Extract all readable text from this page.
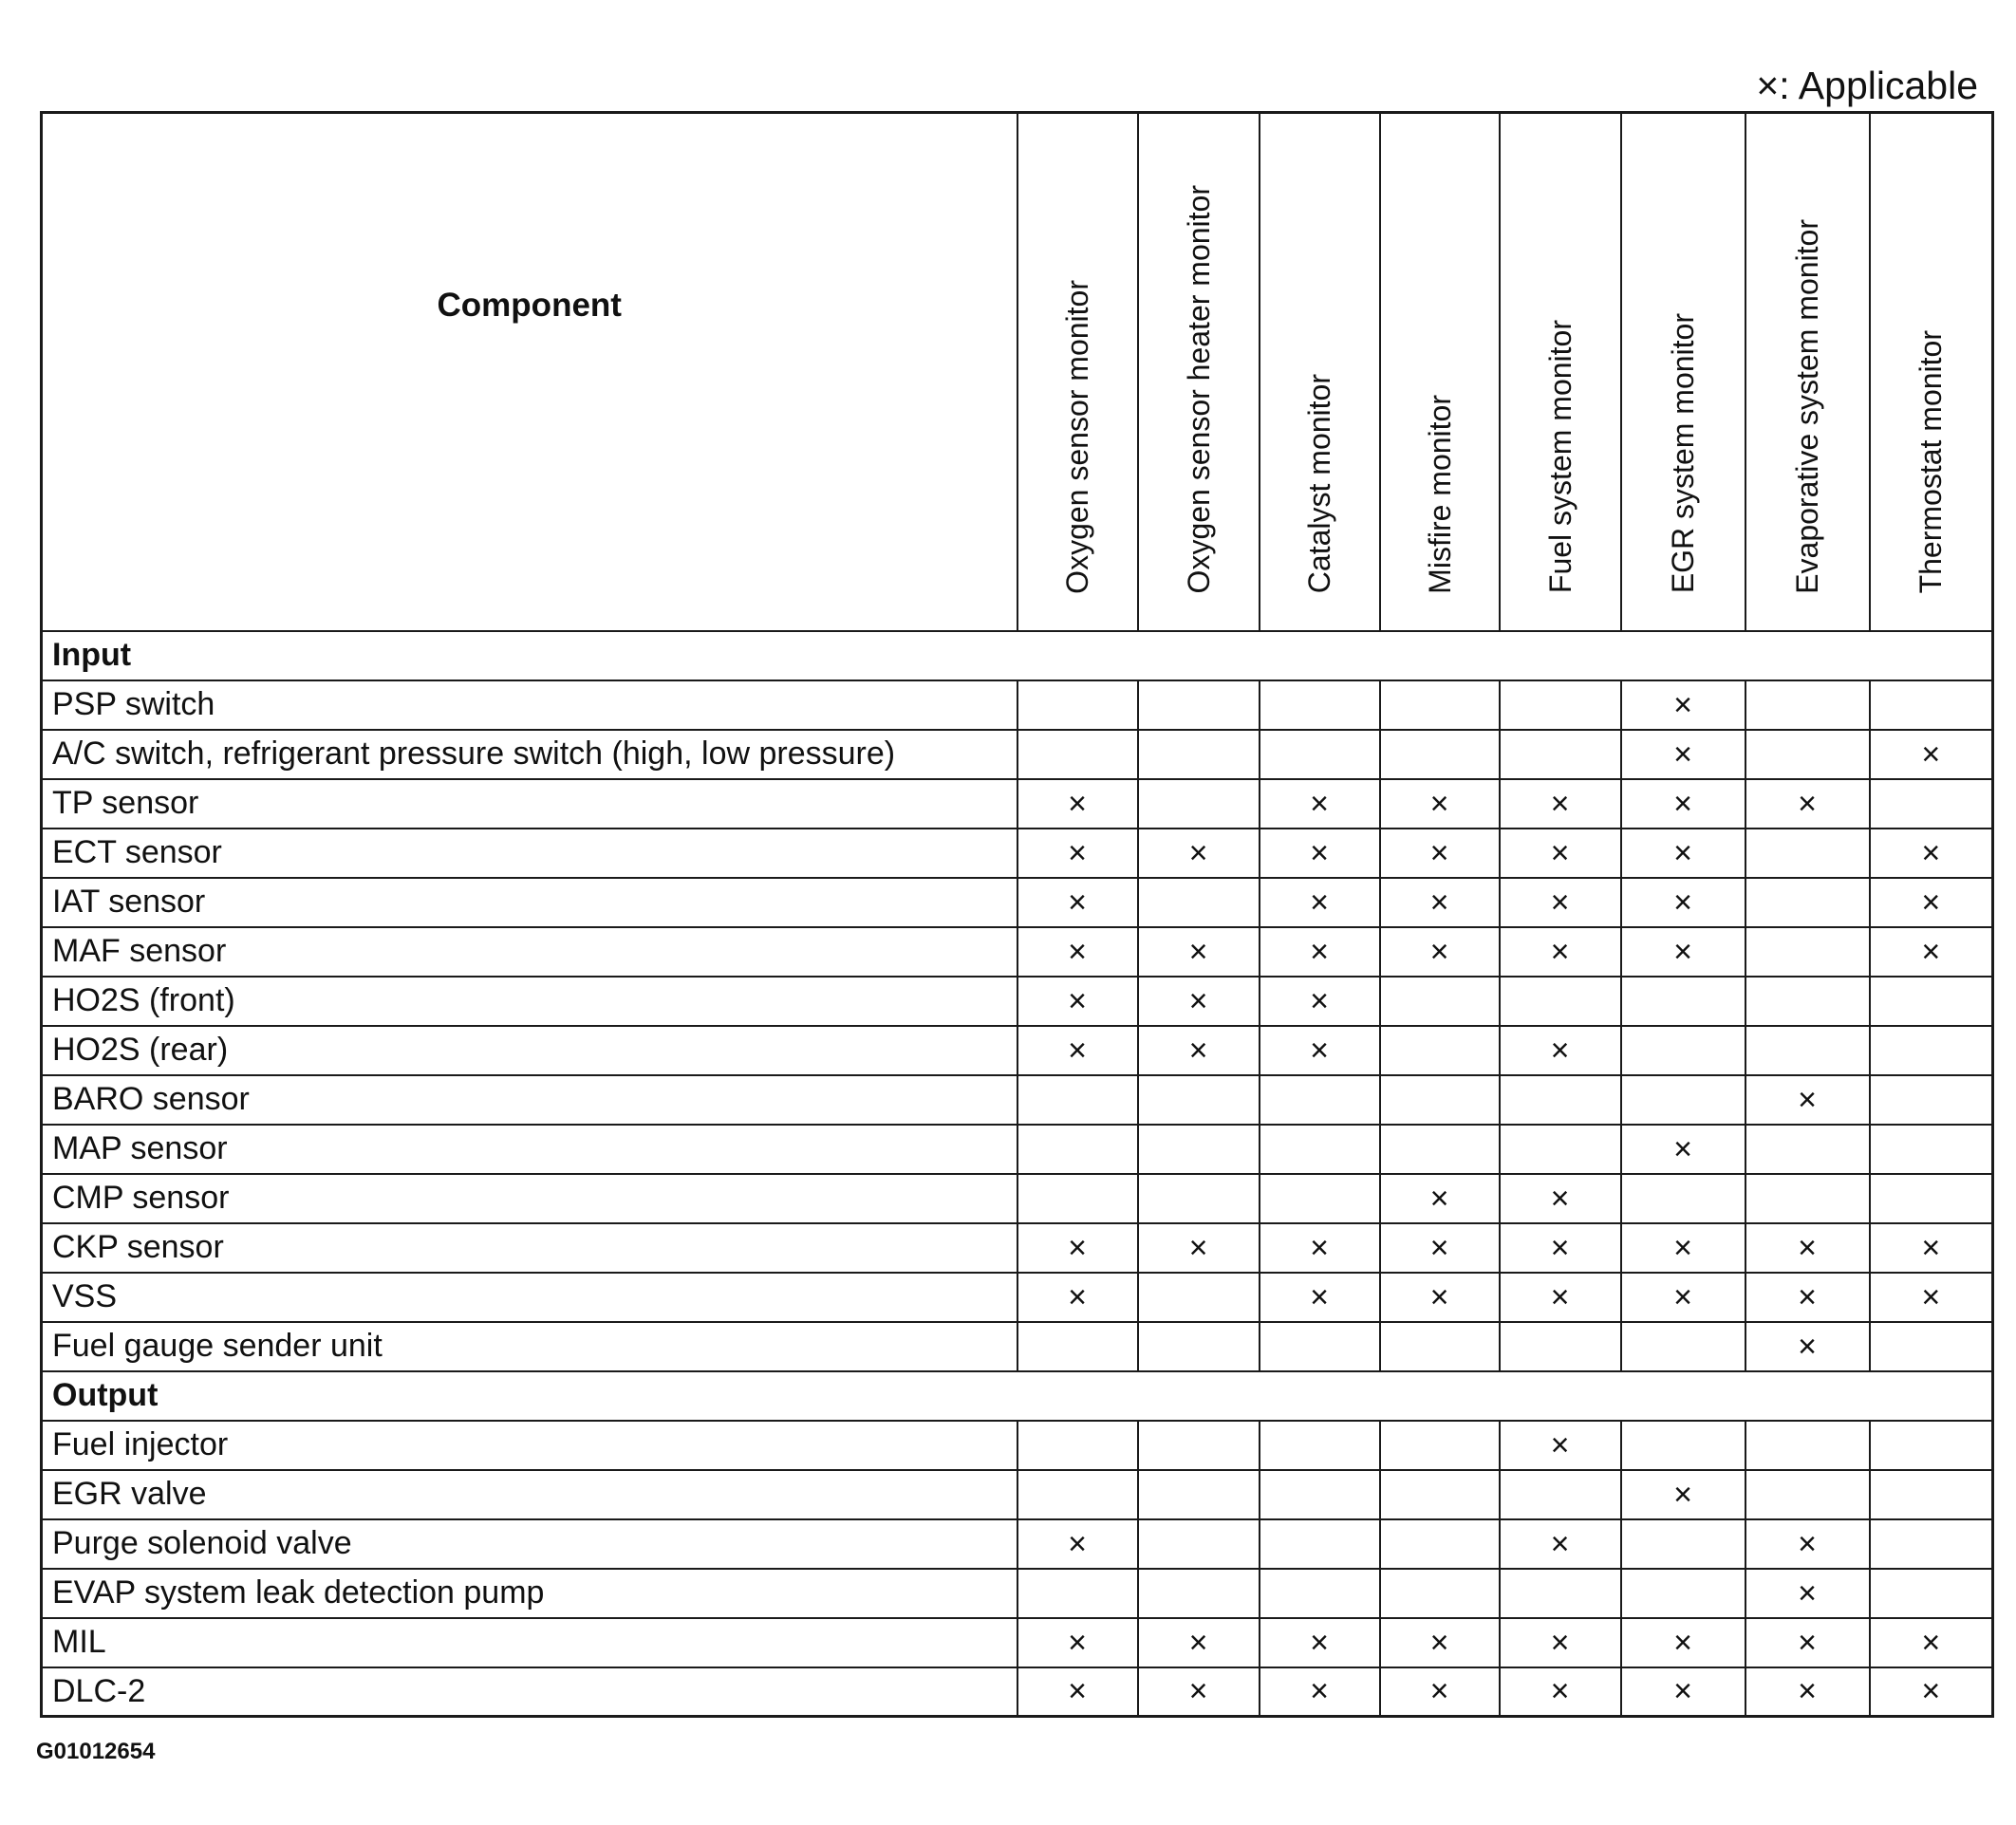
×: Applicable
Component	Oxygen sensor monitor	Oxygen sensor heater monitor	Catalyst monitor	Misfire monitor	Fuel system monitor	EGR system monitor	Evaporative system monitor	Thermostat monitor

Input								
PSP switch						×		
A/C switch, refrigerant pressure switch (high, low pressure)						×		×
TP sensor	×		×	×	×	×	×	
ECT sensor	×	×	×	×	×	×		×
IAT sensor	×		×	×	×	×		×
MAF sensor	×	×	×	×	×	×		×
HO2S (front)	×	×	×					
HO2S (rear)	×	×	×		×			
BARO sensor							×	
MAP sensor						×		
CMP sensor				×	×			
CKP sensor	×	×	×	×	×	×	×	×
VSS	×		×	×	×	×	×	×
Fuel gauge sender unit							×	
Output								
Fuel injector					×			
EGR valve						×		
Purge solenoid valve	×				×		×	
EVAP system leak detection pump							×	
MIL	×	×	×	×	×	×	×	×
DLC-2	×	×	×	×	×	×	×	×
G01012654
